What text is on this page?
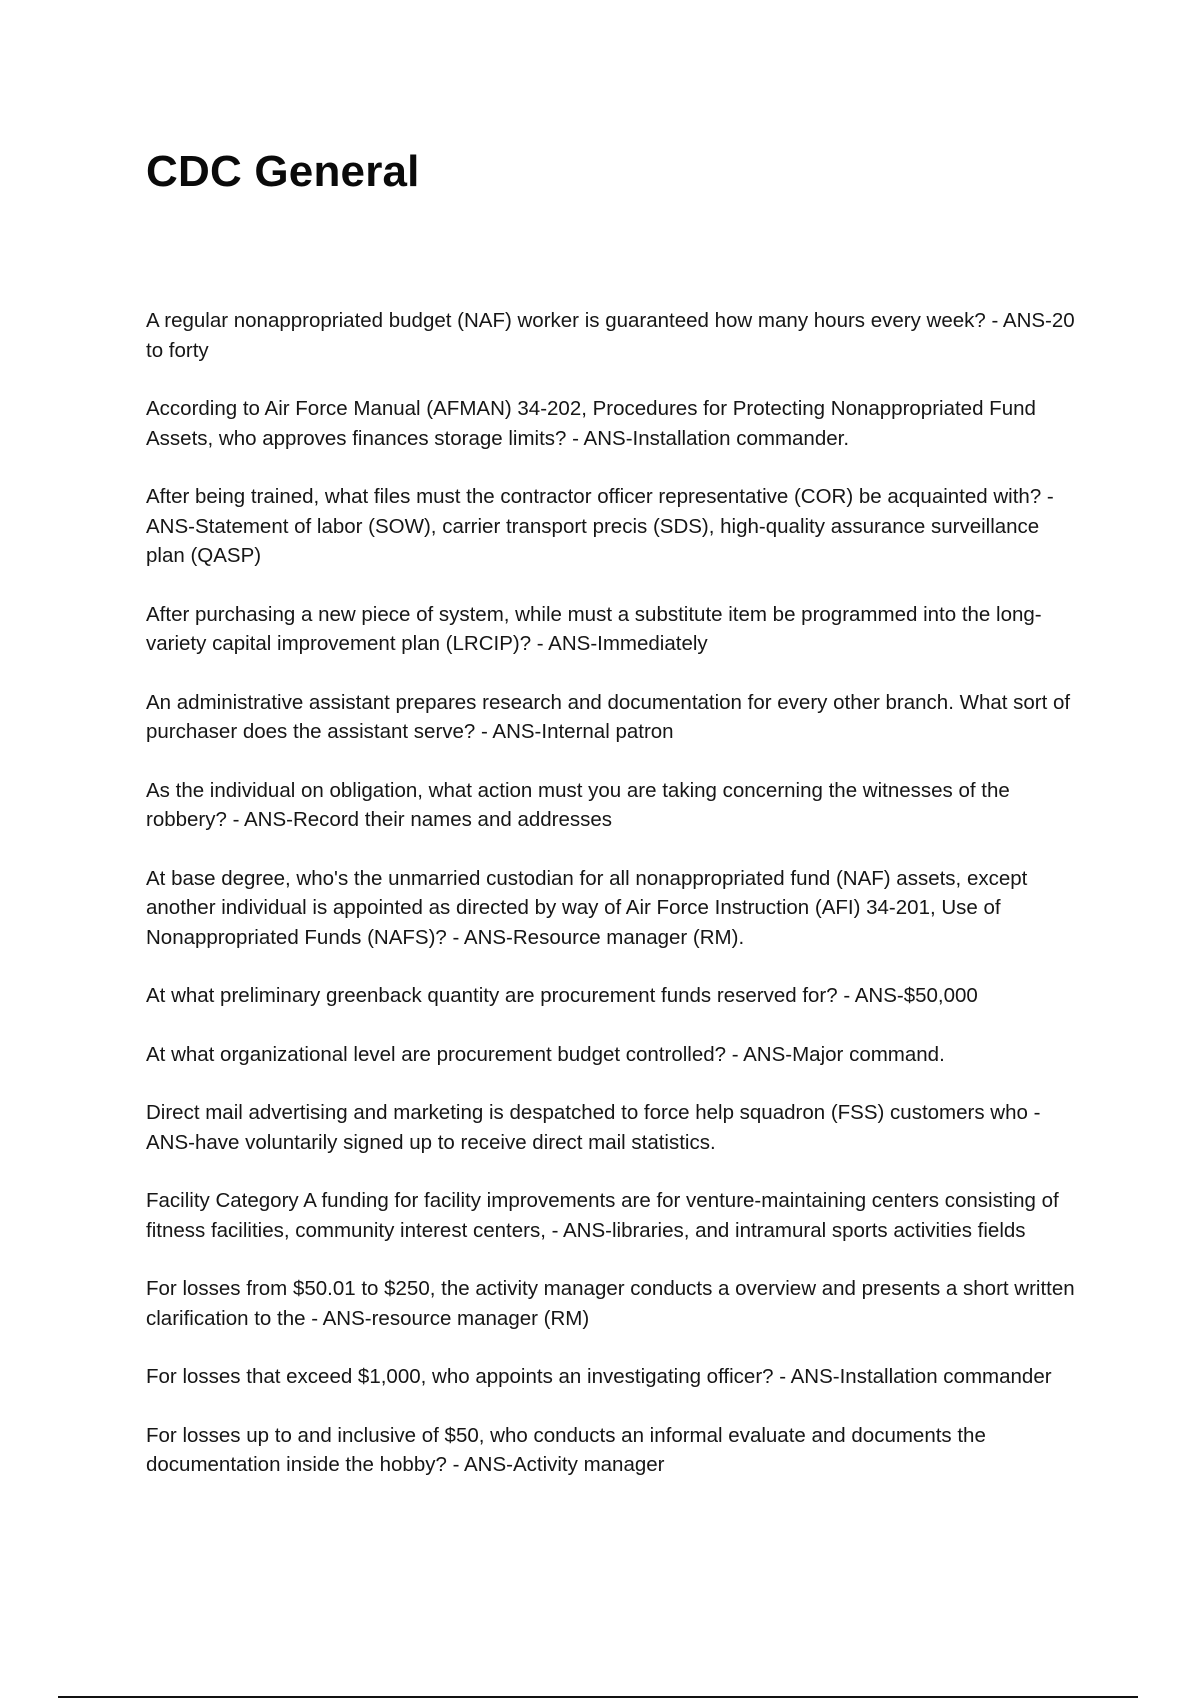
CDC General

A regular nonappropriated budget (NAF) worker is guaranteed how many hours every week? - ANS-20 to forty

According to Air Force Manual (AFMAN) 34-202, Procedures for Protecting Nonappropriated Fund Assets, who approves finances storage limits? - ANS-Installation commander.

After being trained, what files must the contractor officer representative (COR) be acquainted with? - ANS-Statement of labor (SOW), carrier transport precis (SDS), high-quality assurance surveillance plan (QASP)

After purchasing a new piece of system, while must a substitute item be programmed into the long-variety capital improvement plan (LRCIP)? - ANS-Immediately

An administrative assistant prepares research and documentation for every other branch. What sort of purchaser does the assistant serve? - ANS-Internal patron

As the individual on obligation, what action must you are taking concerning the witnesses of the robbery? - ANS-Record their names and addresses

At base degree, who's the unmarried custodian for all nonappropriated fund (NAF) assets, except another individual is appointed as directed by way of Air Force Instruction (AFI) 34-201, Use of Nonappropriated Funds (NAFS)? - ANS-Resource manager (RM).

At what preliminary greenback quantity are procurement funds reserved for? - ANS-$50,000

At what organizational level are procurement budget controlled? - ANS-Major command.

Direct mail advertising and marketing is despatched to force help squadron (FSS) customers who - ANS-have voluntarily signed up to receive direct mail statistics.

Facility Category A funding for facility improvements are for venture-maintaining centers consisting of fitness facilities, community interest centers, - ANS-libraries, and intramural sports activities fields

For losses from $50.01 to $250, the activity manager conducts a overview and presents a short written clarification to the - ANS-resource manager (RM)

For losses that exceed $1,000, who appoints an investigating officer? - ANS-Installation commander

For losses up to and inclusive of $50, who conducts an informal evaluate and documents the documentation inside the hobby? - ANS-Activity manager
